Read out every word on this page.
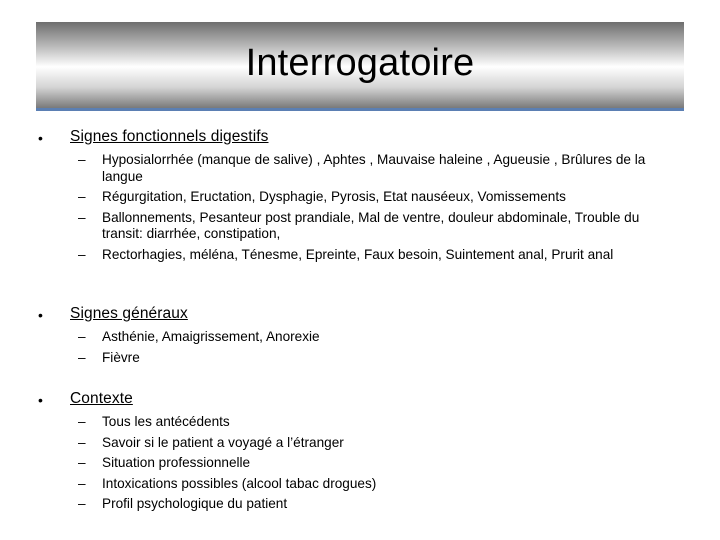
Interrogatoire
• Signes fonctionnels digestifs
– Hyposialorrhée (manque de salive) , Aphtes , Mauvaise haleine , Agueusie , Brûlures de la langue
– Régurgitation, Eructation, Dysphagie, Pyrosis, Etat nauséeux, Vomissements
– Ballonnements, Pesanteur post prandiale, Mal de ventre, douleur abdominale, Trouble du transit: diarrhée, constipation,
– Rectorhagies, méléna, Ténesme, Epreinte, Faux besoin, Suintement anal, Prurit anal
• Signes généraux
– Asthénie, Amaigrissement, Anorexie
– Fièvre
• Contexte
– Tous les antécédents
– Savoir si le patient a voyagé a l’étranger
– Situation professionnelle
– Intoxications possibles (alcool tabac drogues)
– Profil psychologique du patient
